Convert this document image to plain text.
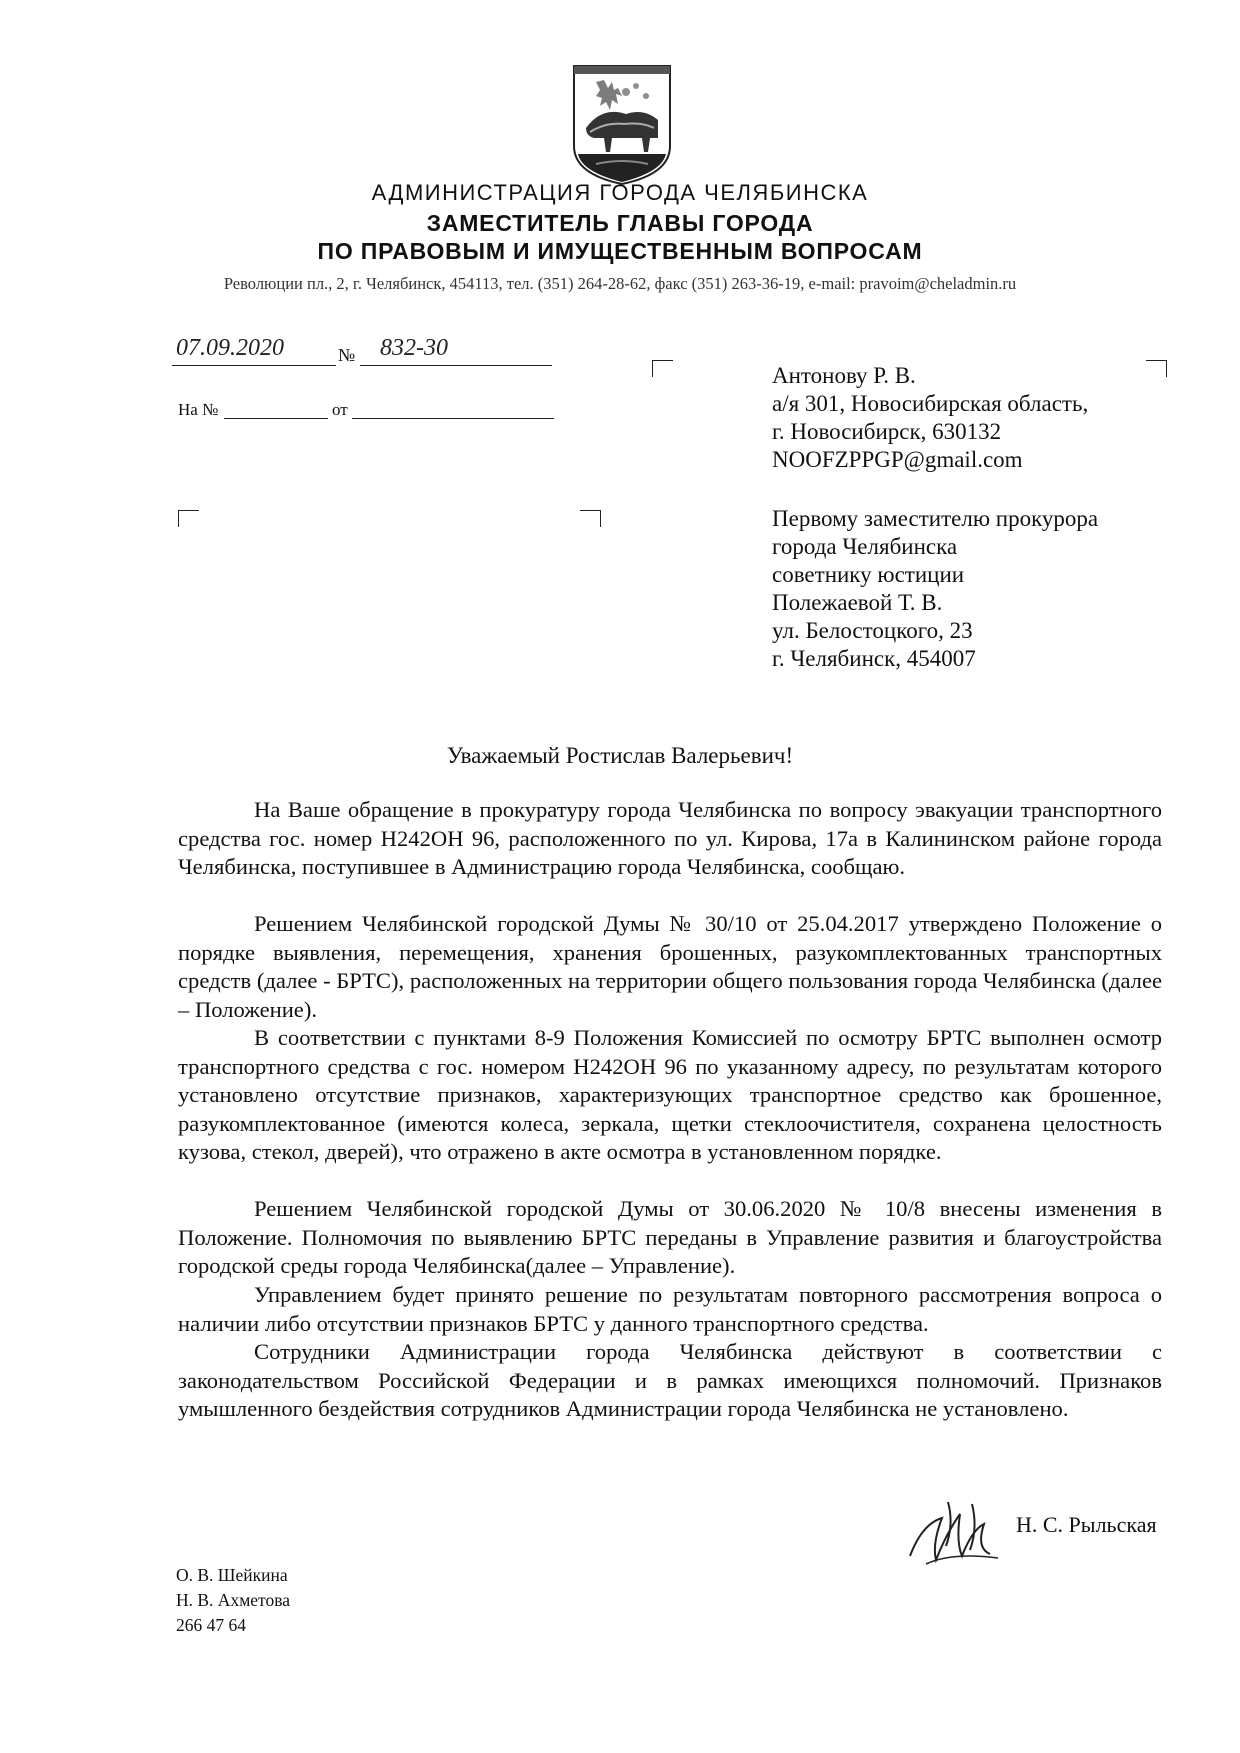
АДМИНИСТРАЦИЯ ГОРОДА ЧЕЛЯБИНСКА
ЗАМЕСТИТЕЛЬ ГЛАВЫ ГОРОДА
ПО ПРАВОВЫМ И ИМУЩЕСТВЕННЫМ ВОПРОСАМ
Революции пл., 2, г. Челябинск, 454113, тел. (351) 264-28-62, факс (351) 263-36-19, e-mail: pravoim@cheladmin.ru
07.09.2020	№ 832-30
На №	от
Антонову Р. В.
а/я 301, Новосибирская область,
г. Новосибирск, 630132
NOOFZPPGP@gmail.com
Первому заместителю прокурора
города Челябинска
советнику юстиции
Полежаевой Т. В.
ул. Белостоцкого, 23
г. Челябинск, 454007
Уважаемый Ростислав Валерьевич!
На Ваше обращение в прокуратуру города Челябинска по вопросу эвакуации транспортного средства гос. номер Н242ОН 96, расположенного по ул. Кирова, 17а в Калининском районе города Челябинска, поступившее в Администрацию города Челябинска, сообщаю.
Решением Челябинской городской Думы № 30/10 от 25.04.2017 утверждено Положение о порядке выявления, перемещения, хранения брошенных, разукомплектованных транспортных средств (далее - БРТС), расположенных на территории общего пользования города Челябинска (далее – Положение).
В соответствии с пунктами 8-9 Положения Комиссией по осмотру БРТС выполнен осмотр транспортного средства с гос. номером Н242ОН 96 по указанному адресу, по результатам которого установлено отсутствие признаков, характеризующих транспортное средство как брошенное, разукомплектованное (имеются колеса, зеркала, щетки стеклоочистителя, сохранена целостность кузова, стекол, дверей), что отражено в акте осмотра в установленном порядке.
Решением Челябинской городской Думы от 30.06.2020 № 10/8 внесены изменения в Положение. Полномочия по выявлению БРТС переданы в Управление развития и благоустройства городской среды города Челябинска(далее – Управление).
Управлением будет принято решение по результатам повторного рассмотрения вопроса о наличии либо отсутствии признаков БРТС у данного транспортного средства.
Сотрудники Администрации города Челябинска действуют в соответствии с законодательством Российской Федерации и в рамках имеющихся полномочий. Признаков умышленного бездействия сотрудников Администрации города Челябинска не установлено.
Н. С. Рыльская
О. В. Шейкина
Н. В. Ахметова
266 47 64
